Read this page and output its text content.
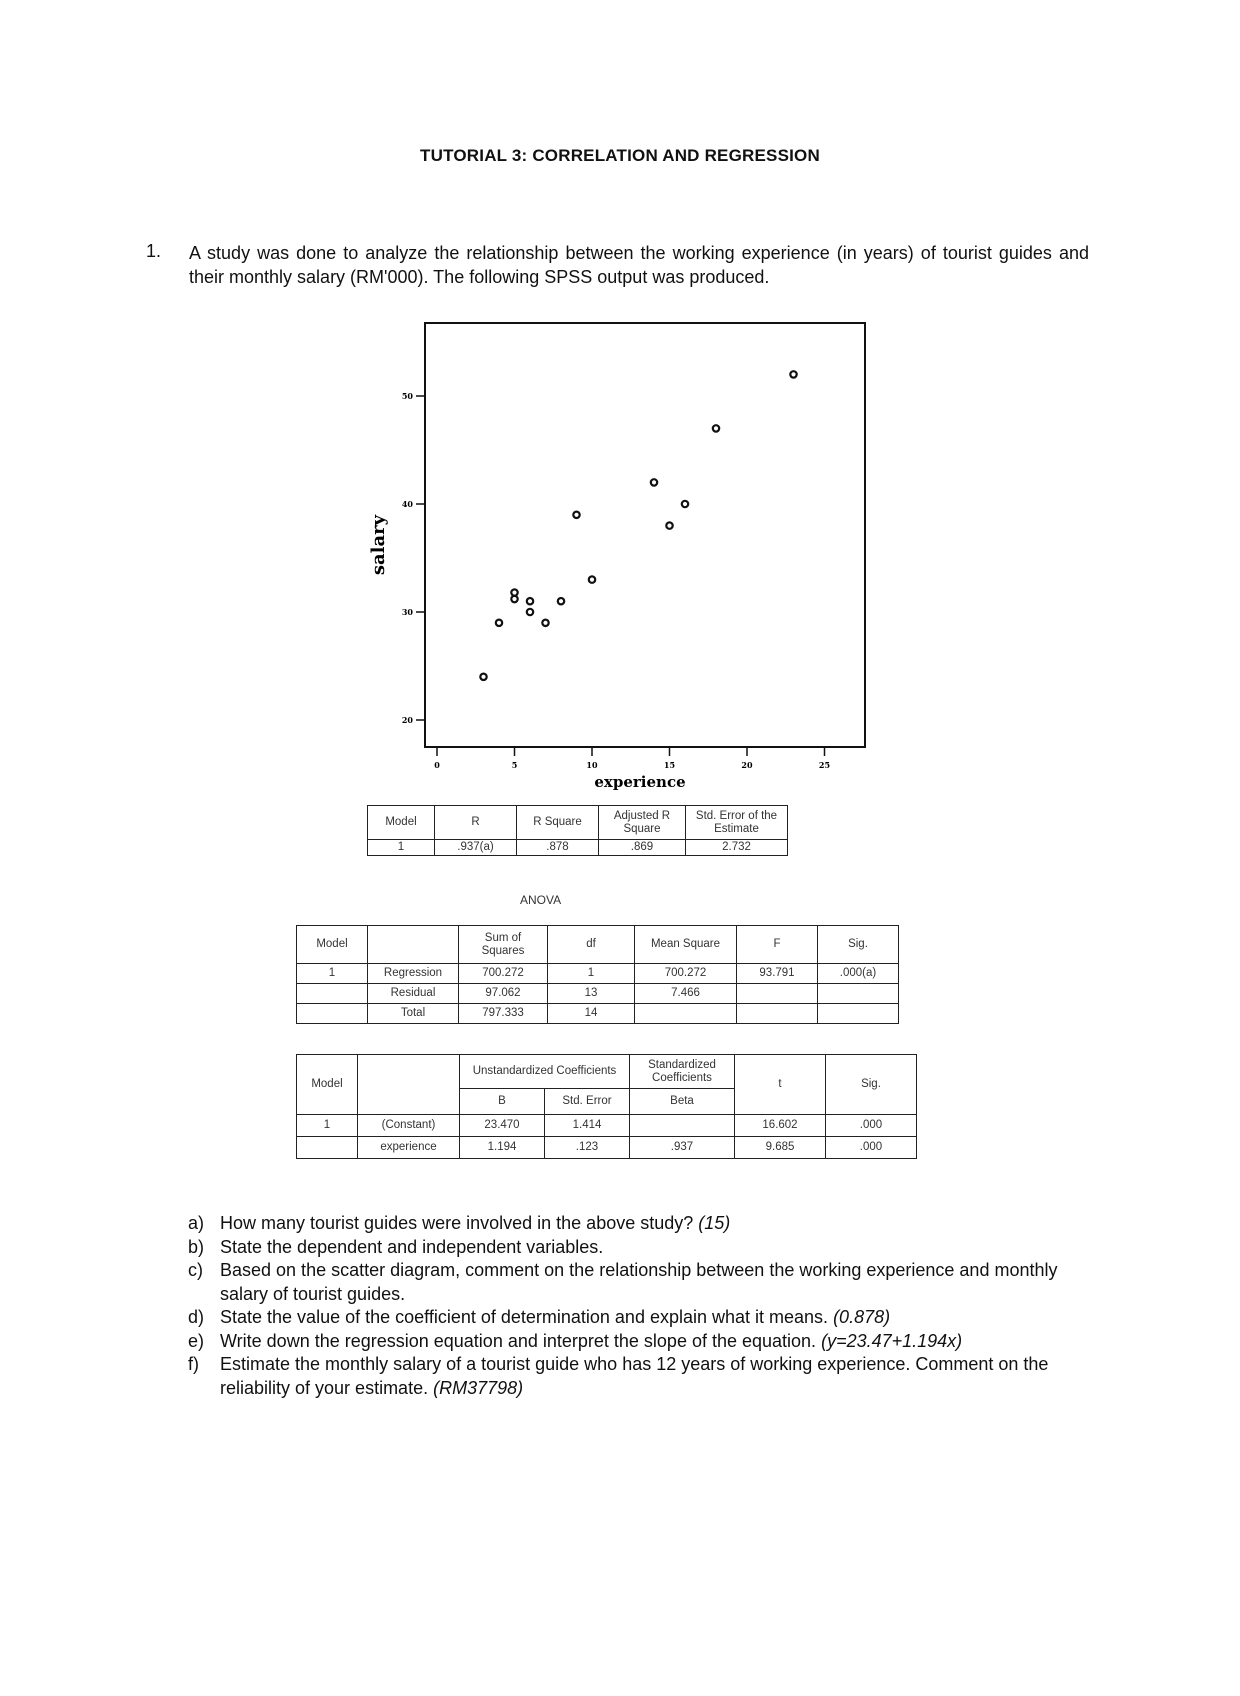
TUTORIAL 3: CORRELATION AND REGRESSION
1. A study was done to analyze the relationship between the working experience (in years) of tourist guides and their monthly salary (RM'000). The following SPSS output was produced.
20
30
40
50
0	5	10	15	20	25
experience
salary
Model	R	R Square	Adjusted R Square	Std. Error of the Estimate
1	.937(a)	.878	.869	2.732
ANOVA
Model		Sum of Squares	df	Mean Square	F	Sig.
1	Regression	700.272	1	700.272	93.791	.000(a)
	Residual	97.062	13	7.466		
	Total	797.333	14			
Model		Unstandardized Coefficients		Standardized Coefficients	t	Sig.
		B	Std. Error	Beta		
1	(Constant)	23.470	1.414		16.602	.000
	experience	1.194	.123	.937	9.685	.000
a) How many tourist guides were involved in the above study? (15)
b) State the dependent and independent variables.
c) Based on the scatter diagram, comment on the relationship between the working experience and monthly salary of tourist guides.
d) State the value of the coefficient of determination and explain what it means. (0.878)
e) Write down the regression equation and interpret the slope of the equation. (y=23.47+1.194x)
f) Estimate the monthly salary of a tourist guide who has 12 years of working experience. Comment on the reliability of your estimate. (RM37798)
